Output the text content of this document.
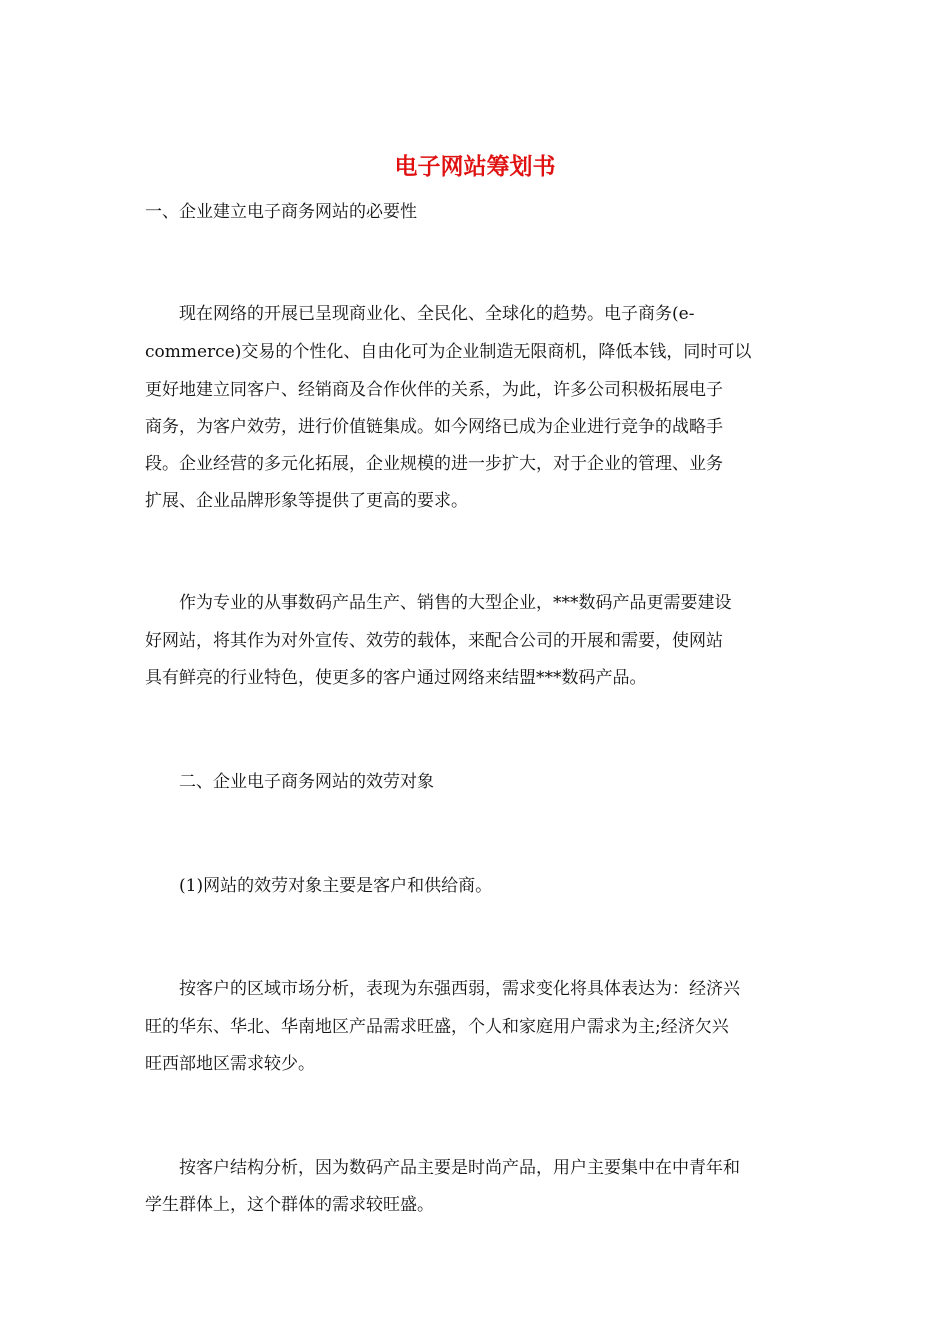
电子网站筹划书
一、企业建立电子商务网站的必要性
　　现在网络的开展已呈现商业化、全民化、全球化的趋势。电子商务(e-
commerce)交易的个性化、自由化可为企业制造无限商机，降低本钱，同时可以
更好地建立同客户、经销商及合作伙伴的关系，为此，许多公司积极拓展电子
商务，为客户效劳，进行价值链集成。如今网络已成为企业进行竞争的战略手
段。企业经营的多元化拓展，企业规模的进一步扩大，对于企业的管理、业务
扩展、企业品牌形象等提供了更高的要求。
　　作为专业的从事数码产品生产、销售的大型企业，***数码产品更需要建设
好网站，将其作为对外宣传、效劳的载体，来配合公司的开展和需要，使网站
具有鲜亮的行业特色，使更多的客户通过网络来结盟***数码产品。
　　二、企业电子商务网站的效劳对象
　　(1)网站的效劳对象主要是客户和供给商。
　　按客户的区域市场分析，表现为东强西弱，需求变化将具体表达为：经济兴
旺的华东、华北、华南地区产品需求旺盛，个人和家庭用户需求为主;经济欠兴
旺西部地区需求较少。
　　按客户结构分析，因为数码产品主要是时尚产品，用户主要集中在中青年和
学生群体上，这个群体的需求较旺盛。
